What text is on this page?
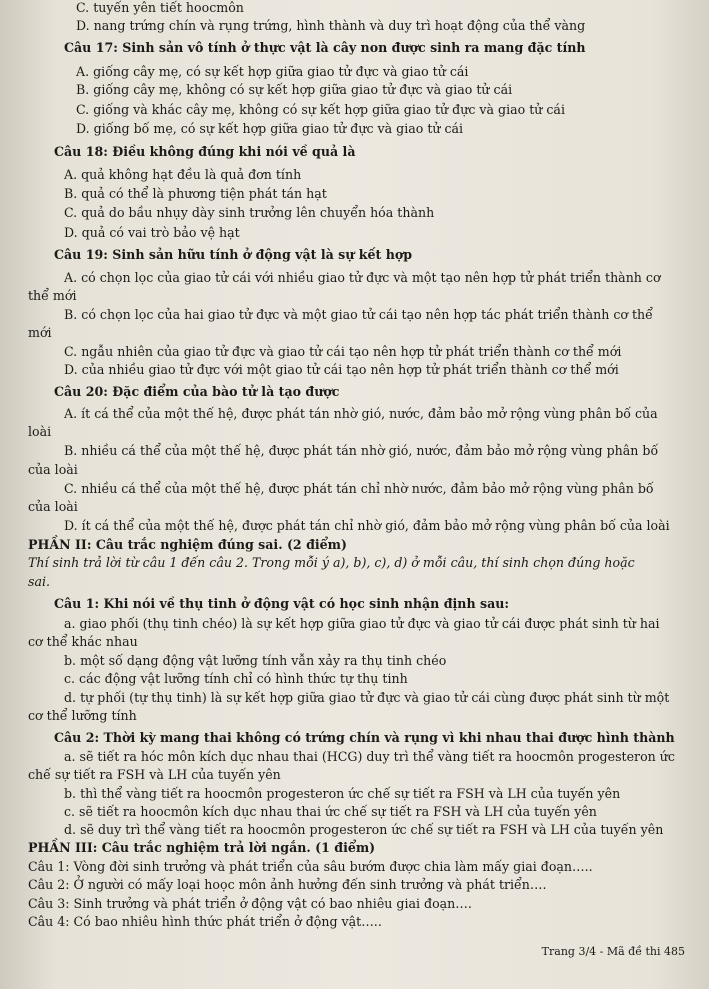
C. tuyến yên tiết hoocmôn
D. nang trứng chín và rụng trứng, hình thành và duy trì hoạt động của thể vàng
Câu 17: Sinh sản vô tính ở thực vật là cây non được sinh ra mang đặc tính
A. giống cây mẹ, có sự kết hợp giữa giao tử đực và giao tử cái
B. giống cây mẹ, không có sự kết hợp giữa giao tử đực và giao tử cái
C. giống và khác cây mẹ, không có sự kết hợp giữa giao tử đực và giao tử cái
D. giống bố mẹ, có sự kết hợp giữa giao tử đực và giao tử cái
Câu 18: Điều không đúng khi nói về quả là
A. quả không hạt đều là quả đơn tính
B. quả có thể là phương tiện phát tán hạt
C. quả do bầu nhụy dày sinh trưởng lên chuyển hóa thành
D. quả có vai trò bảo vệ hạt
Câu 19: Sinh sản hữu tính ở động vật là sự kết hợp
A. có chọn lọc của giao tử cái với nhiều giao tử đực và một tạo nên hợp tử phát triển thành cơ
thể mới
B. có chọn lọc của hai giao tử đực và một giao tử cái tạo nên hợp tác phát triển thành cơ thể
mới
C. ngẫu nhiên của giao tử đực và giao tử cái tạo nên hợp tử phát triển thành cơ thể mới
D. của nhiều giao tử đực với một giao tử cái tạo nên hợp tử phát triển thành cơ thể mới
Câu 20: Đặc điểm của bào tử là tạo được
A. ít cá thể của một thế hệ, được phát tán nhờ gió, nước, đảm bảo mở rộng vùng phân bố của
loài
B. nhiều cá thể của một thế hệ, được phát tán nhờ gió, nước, đảm bảo mở rộng vùng phân bố
của loài
C. nhiều cá thể của một thế hệ, được phát tán chỉ nhờ nước, đảm bảo mở rộng vùng phân bố
của loài
D. ít cá thể của một thế hệ, được phát tán chỉ nhờ gió, đảm bảo mở rộng vùng phân bố của loài
PHẦN II: Câu trắc nghiệm đúng sai. (2 điểm)
Thí sinh trả lời từ câu 1 đến câu 2. Trong mỗi ý a), b), c), d) ở mỗi câu, thí sinh chọn đúng hoặc
sai.
Câu 1: Khi nói về thụ tinh ở động vật có học sinh nhận định sau:
a. giao phối (thụ tinh chéo) là sự kết hợp giữa giao tử đực và giao tử cái được phát sinh từ hai
cơ thể khác nhau
b. một số dạng động vật lưỡng tính vẫn xảy ra thụ tinh chéo
c. các động vật lưỡng tính chỉ có hình thức tự thụ tinh
d. tự phối (tự thụ tinh) là sự kết hợp giữa giao tử đực và giao tử cái cùng được phát sinh từ một
cơ thể lưỡng tính
Câu 2: Thời kỳ mang thai không có trứng chín và rụng vì khi nhau thai được hình thành
a. sẽ tiết ra hóc môn kích dục nhau thai (HCG) duy trì thể vàng tiết ra hoocmôn progesteron ức
chế sự tiết ra FSH và LH của tuyến yên
b. thì thể vàng tiết ra hoocmôn progesteron ức chế sự tiết ra FSH và LH của tuyến yên
c. sẽ tiết ra hoocmôn kích dục nhau thai ức chế sự tiết ra FSH và LH của tuyến yên
d. sẽ duy trì thể vàng tiết ra hoocmôn progesteron ức chế sự tiết ra FSH và LH của tuyến yên
PHẦN III: Câu trắc nghiệm trả lời ngắn. (1 điểm)
Câu 1: Vòng đời sinh trưởng và phát triển của sâu bướm được chia làm mấy giai đoạn…..
Câu 2: Ở người có mấy loại hoọc môn ảnh hưởng đến sinh trưởng và phát triển….
Câu 3: Sinh trưởng và phát triển ở động vật có bao nhiêu giai đoạn….
Câu 4: Có bao nhiêu hình thức phát triển ở động vật…..
Trang 3/4 - Mã đề thi 485
